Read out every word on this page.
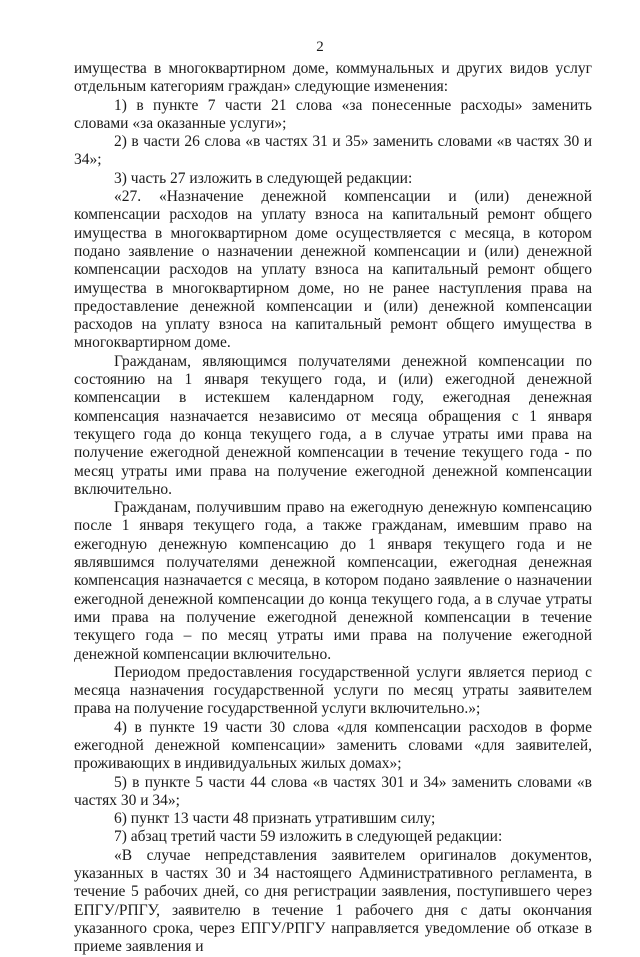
2

имущества в многоквартирном доме, коммунальных и других видов услуг отдельным категориям граждан» следующие изменения:

1) в пункте 7 части 21 слова «за понесенные расходы» заменить словами «за оказанные услуги»;

2) в части 26 слова «в частях 31 и 35» заменить словами «в частях 30 и 34»;

3) часть 27 изложить в следующей редакции:

«27. «Назначение денежной компенсации и (или) денежной компенсации расходов на уплату взноса на капитальный ремонт общего имущества в многоквартирном доме осуществляется с месяца, в котором подано заявление о назначении денежной компенсации и (или) денежной компенсации расходов на уплату взноса на капитальный ремонт общего имущества в многоквартирном доме, но не ранее наступления права на предоставление денежной компенсации и (или) денежной компенсации расходов на уплату взноса на капитальный ремонт общего имущества в многоквартирном доме.

Гражданам, являющимся получателями денежной компенсации по состоянию на 1 января текущего года, и (или) ежегодной денежной компенсации в истекшем календарном году, ежегодная денежная компенсация назначается независимо от месяца обращения с 1 января текущего года до конца текущего года, а в случае утраты ими права на получение ежегодной денежной компенсации в течение текущего года - по месяц утраты ими права на получение ежегодной денежной компенсации включительно.

Гражданам, получившим право на ежегодную денежную компенсацию после 1 января текущего года, а также гражданам, имевшим право на ежегодную денежную компенсацию до 1 января текущего года и не являвшимся получателями денежной компенсации, ежегодная денежная компенсация назначается с месяца, в котором подано заявление о назначении ежегодной денежной компенсации до конца текущего года, а в случае утраты ими права на получение ежегодной денежной компенсации в течение текущего года – по месяц утраты ими права на получение ежегодной денежной компенсации включительно.

Периодом предоставления государственной услуги является период с месяца назначения государственной услуги по месяц утраты заявителем права на получение государственной услуги включительно.»;

4) в пункте 19 части 30 слова «для компенсации расходов в форме ежегодной денежной компенсации» заменить словами «для заявителей, проживающих в индивидуальных жилых домах»;

5) в пункте 5 части 44 слова «в частях 301 и 34» заменить словами «в частях 30 и 34»;

6) пункт 13 части 48 признать утратившим силу;

7) абзац третий части 59 изложить в следующей редакции:

«В случае непредставления заявителем оригиналов документов, указанных в частях 30 и 34 настоящего Административного регламента, в течение 5 рабочих дней, со дня регистрации заявления, поступившего через ЕПГУ/РПГУ, заявителю в течение 1 рабочего дня с даты окончания указанного срока, через ЕПГУ/РПГУ направляется уведомление об отказе в приеме заявления и
